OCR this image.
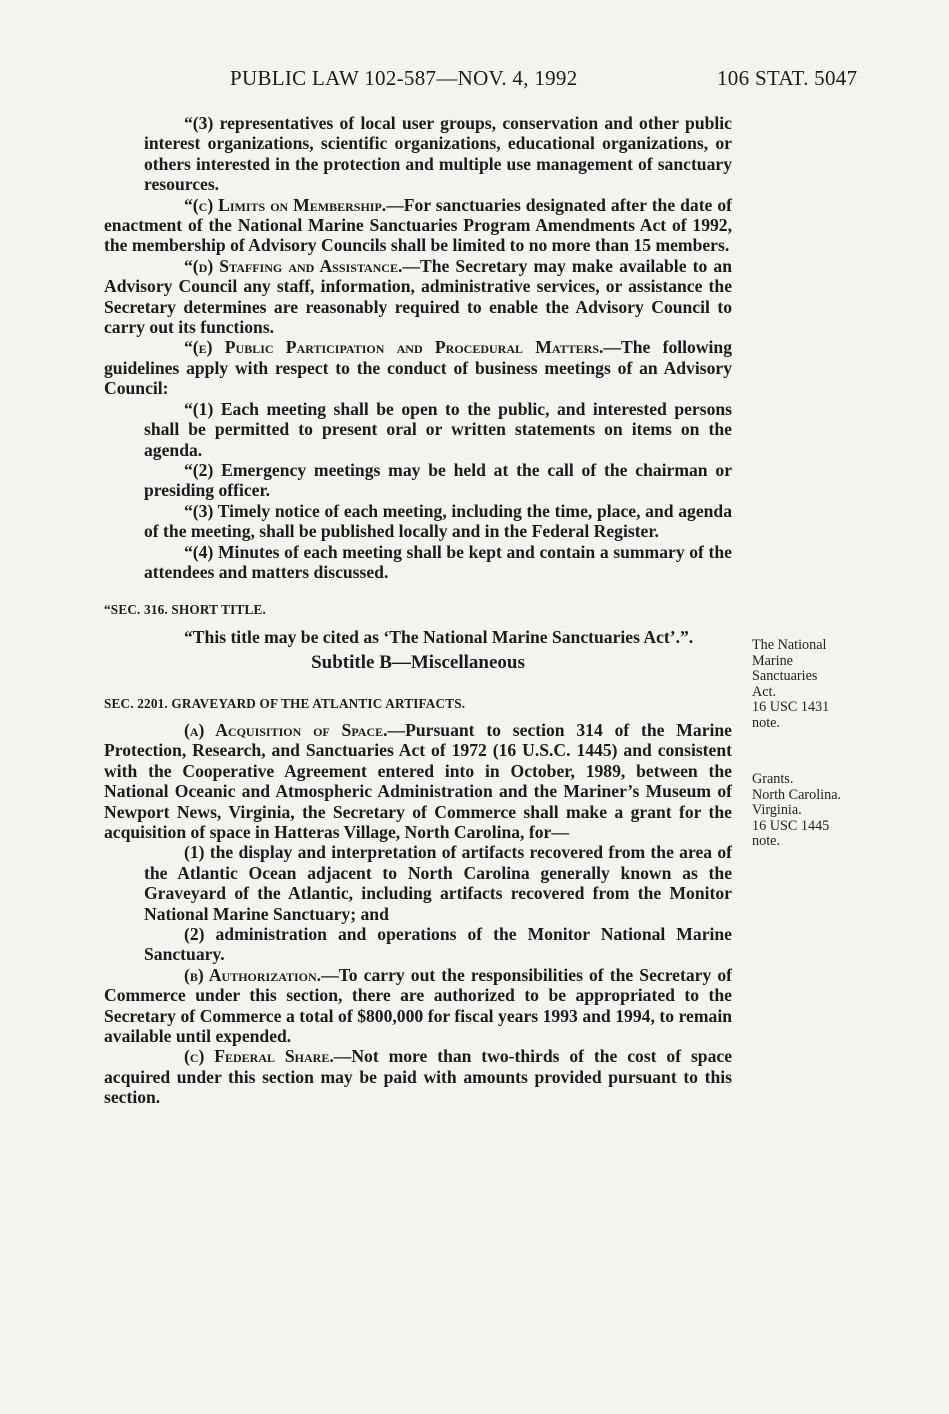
PUBLIC LAW 102-587—NOV. 4, 1992	106 STAT. 5047

“(3) representatives of local user groups, conservation and other public interest organizations, scientific organizations, educational organizations, or others interested in the protection and multiple use management of sanctuary resources.

“(c) Limits on Membership.—For sanctuaries designated after the date of enactment of the National Marine Sanctuaries Program Amendments Act of 1992, the membership of Advisory Councils shall be limited to no more than 15 members.

“(d) Staffing and Assistance.—The Secretary may make available to an Advisory Council any staff, information, administrative services, or assistance the Secretary determines are reasonably required to enable the Advisory Council to carry out its functions.

“(e) Public Participation and Procedural Matters.—The following guidelines apply with respect to the conduct of business meetings of an Advisory Council:

“(1) Each meeting shall be open to the public, and interested persons shall be permitted to present oral or written statements on items on the agenda.

“(2) Emergency meetings may be held at the call of the chairman or presiding officer.

“(3) Timely notice of each meeting, including the time, place, and agenda of the meeting, shall be published locally and in the Federal Register.

“(4) Minutes of each meeting shall be kept and contain a summary of the attendees and matters discussed.

“SEC. 316. SHORT TITLE.

“This title may be cited as ‘The National Marine Sanctuaries Act’.”.

Subtitle B—Miscellaneous

SEC. 2201. GRAVEYARD OF THE ATLANTIC ARTIFACTS.

(a) Acquisition of Space.—Pursuant to section 314 of the Marine Protection, Research, and Sanctuaries Act of 1972 (16 U.S.C. 1445) and consistent with the Cooperative Agreement entered into in October, 1989, between the National Oceanic and Atmospheric Administration and the Mariner’s Museum of Newport News, Virginia, the Secretary of Commerce shall make a grant for the acquisition of space in Hatteras Village, North Carolina, for—

(1) the display and interpretation of artifacts recovered from the area of the Atlantic Ocean adjacent to North Carolina generally known as the Graveyard of the Atlantic, including artifacts recovered from the Monitor National Marine Sanctuary; and

(2) administration and operations of the Monitor National Marine Sanctuary.

(b) Authorization.—To carry out the responsibilities of the Secretary of Commerce under this section, there are authorized to be appropriated to the Secretary of Commerce a total of $800,000 for fiscal years 1993 and 1994, to remain available until expended.

(c) Federal Share.—Not more than two-thirds of the cost of space acquired under this section may be paid with amounts provided pursuant to this section.

The National
Marine
Sanctuaries
Act.
16 USC 1431
note.
Grants.
North Carolina.
Virginia.
16 USC 1445
note.
